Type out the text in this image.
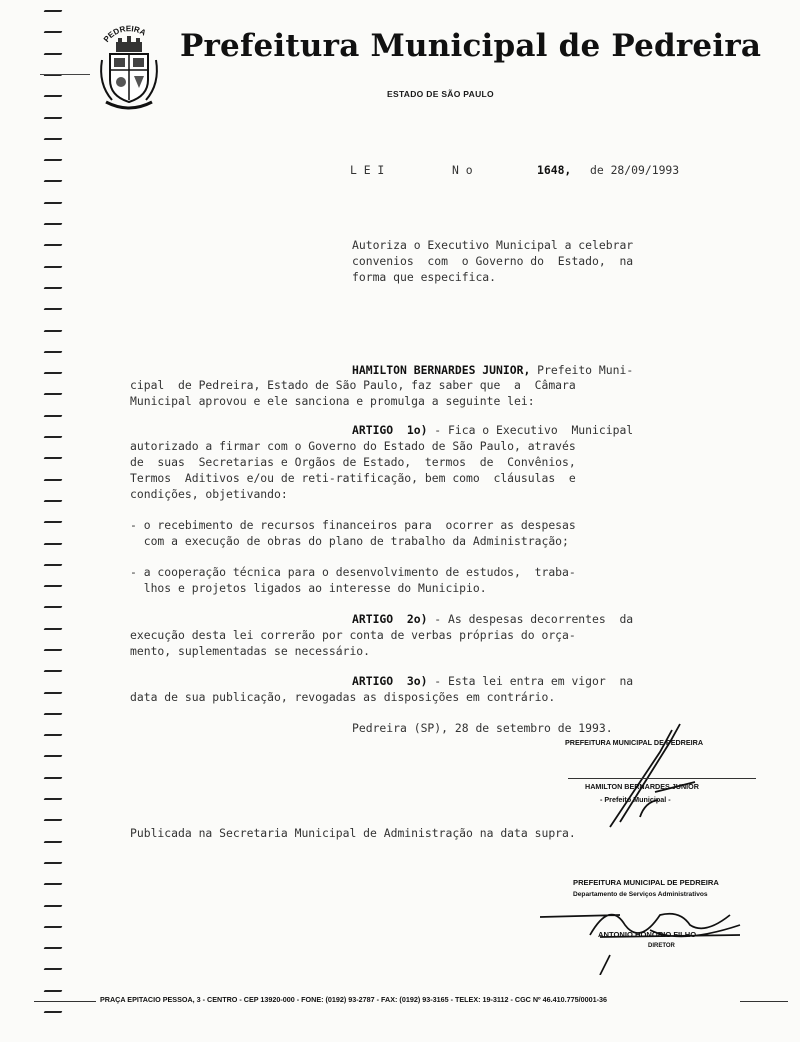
PEDREIRA Prefeitura Municipal de Pedreira
ESTADO DE SÃO PAULO
L E I	N o	1648, de 28/09/1993
Autoriza o Executivo Municipal a celebrar
convenios  com  o Governo do  Estado,  na
forma que especifica.
HAMILTON BERNARDES JUNIOR, Prefeito Muni-
cipal  de Pedreira, Estado de São Paulo, faz saber que  a  Câmara
Municipal aprovou e ele sanciona e promulga a seguinte lei:
ARTIGO  1o) - Fica o Executivo  Municipal
autorizado a firmar com o Governo do Estado de São Paulo, através
de  suas  Secretarias e Orgãos de Estado,  termos  de  Convênios,
Termos  Aditivos e/ou de reti-ratificação, bem como  cláusulas  e
condições, objetivando:
- o recebimento de recursos financeiros para  ocorrer as despesas
com a execução de obras do plano de trabalho da Administração;
- a cooperação técnica para o desenvolvimento de estudos,  traba-
lhos e projetos ligados ao interesse do Municipio.
ARTIGO  2o) - As despesas decorrentes  da
execução desta lei correrão por conta de verbas próprias do orça-
mento, suplementadas se necessário.
ARTIGO  3o) - Esta lei entra em vigor  na
data de sua publicação, revogadas as disposições em contrário.
Pedreira (SP), 28 de setembro de 1993.
PREFEITURA MUNICIPAL DE PEDREIRA
HAMILTON BERNARDES JUNIOR
- Prefeito Municipal -
Publicada na Secretaria Municipal de Administração na data supra.
PREFEITURA MUNICIPAL DE PEDREIRA
Departamento de Serviços Administrativos
ANTONIO HONORIO FILHO
DIRETOR
PRAÇA EPITACIO PESSOA, 3 - CENTRO - CEP 13920-000 - FONE: (0192) 93-2787 - FAX: (0192) 93-3165 - TELEX: 19-3112 - CGC Nº 46.410.775/0001-36
